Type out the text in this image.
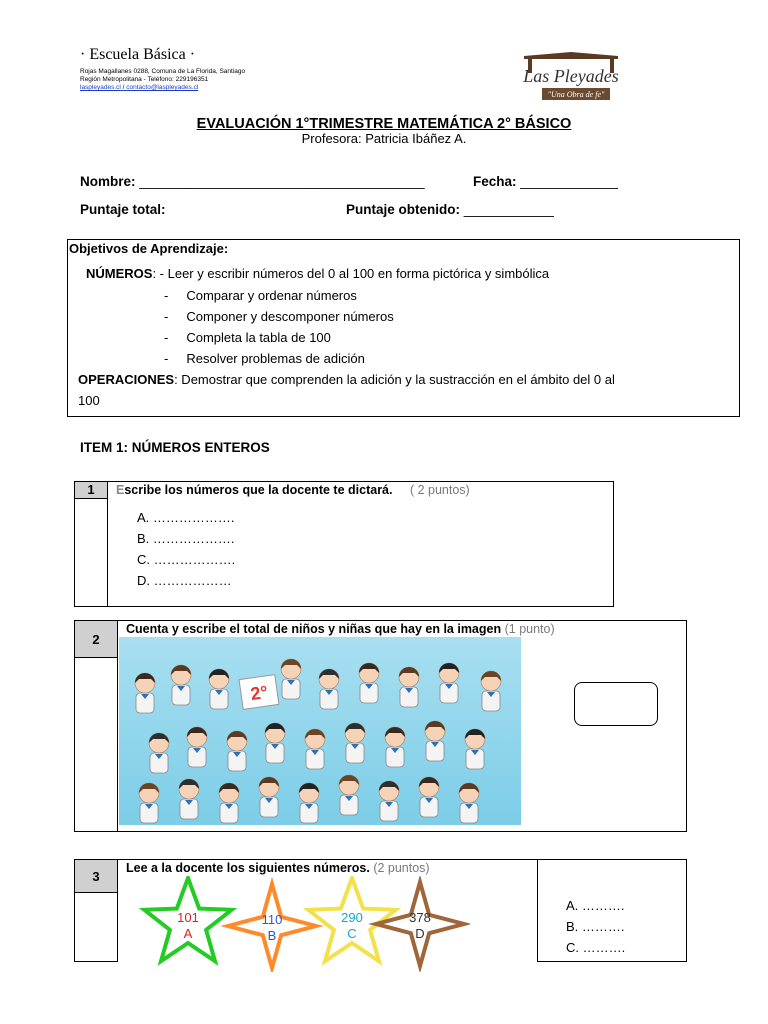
· Escuela Básica ·
Rojas Magallanes 0288, Comuna de La Florida, Santiago
Región Metropolitana - Teléfono: 229196351
laspleyades.cl / contacto@laspleyades.cl
Las Pleyades
"Una Obra de fe"
EVALUACIÓN 1°TRIMESTRE MATEMÁTICA 2° BÁSICO
Profesora: Patricia Ibáñez A.
Nombre: ______________________________________	Fecha: _____________
Puntaje total:	Puntaje obtenido: ____________
Objetivos de Aprendizaje:
NÚMEROS: - Leer y escribir números del 0 al 100 en forma pictórica y simbólica
- Comparar y ordenar números
- Componer y descomponer números
- Completa la tabla de 100
- Resolver problemas de adición
OPERACIONES: Demostrar que comprenden la adición y la sustracción en el ámbito del 0 al
100
ITEM 1: NÚMEROS ENTEROS
1	Escribe los números que la docente te dictará. ( 2 puntos)
A. ……………….
B. ……………….
C. ……………….
D. ………………

2	
Cuenta y escribe el total de niños y niñas que hay en la imagen (1 punto)

2°
3	
Lee a la docente los siguientes números. (2 puntos)

A. ……….
B. ……….
C. ……….

101
A
110
B
290
C
378
D
